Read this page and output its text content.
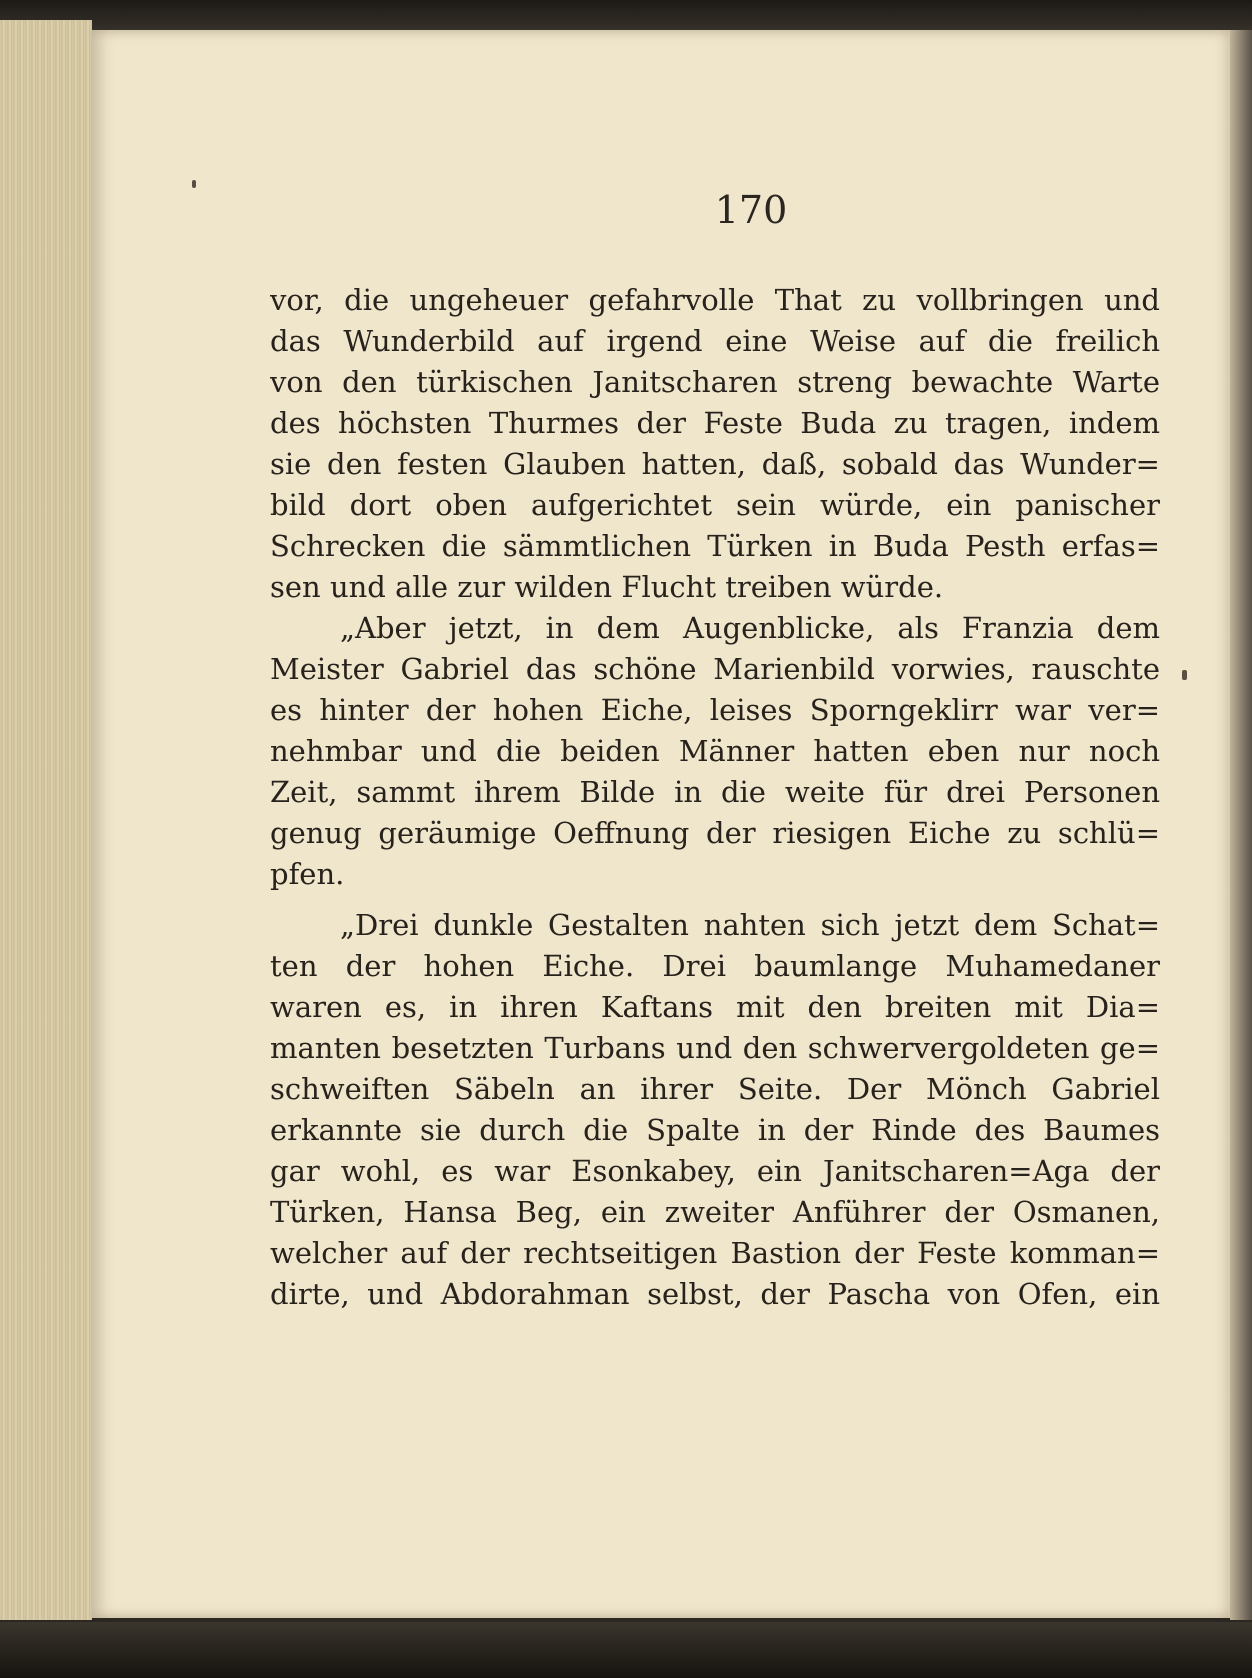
170
vor, die ungeheuer gefahrvolle That zu vollbringen und
das Wunderbild auf irgend eine Weise auf die freilich
von den türkischen Janitscharen streng bewachte Warte
des höchsten Thurmes der Feste Buda zu tragen, indem
sie den festen Glauben hatten, daß, sobald das Wunder=
bild dort oben aufgerichtet sein würde, ein panischer
Schrecken die sämmtlichen Türken in Buda Pesth erfas=
sen und alle zur wilden Flucht treiben würde.
„Aber jetzt, in dem Augenblicke, als Franzia dem
Meister Gabriel das schöne Marienbild vorwies, rauschte
es hinter der hohen Eiche, leises Sporngeklirr war ver=
nehmbar und die beiden Männer hatten eben nur noch
Zeit, sammt ihrem Bilde in die weite für drei Personen
genug geräumige Oeffnung der riesigen Eiche zu schlü=
pfen.
„Drei dunkle Gestalten nahten sich jetzt dem Schat=
ten der hohen Eiche. Drei baumlange Muhamedaner
waren es, in ihren Kaftans mit den breiten mit Dia=
manten besetzten Turbans und den schwervergoldeten ge=
schweiften Säbeln an ihrer Seite. Der Mönch Gabriel
erkannte sie durch die Spalte in der Rinde des Baumes
gar wohl, es war Esonkabey, ein Janitscharen=Aga der
Türken, Hansa Beg, ein zweiter Anführer der Osmanen,
welcher auf der rechtseitigen Bastion der Feste komman=
dirte, und Abdorahman selbst, der Pascha von Ofen, ein
